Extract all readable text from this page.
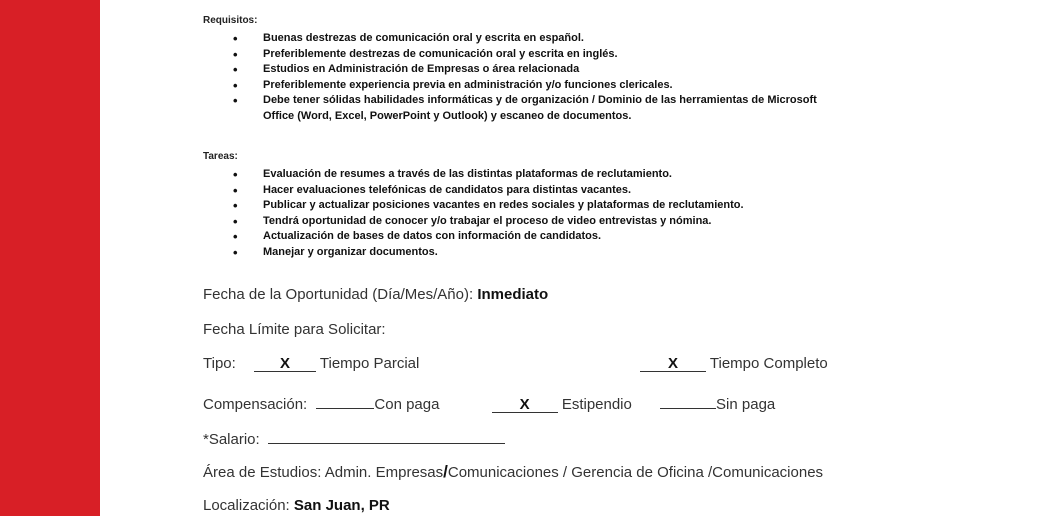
Requisitos:
• Buenas destrezas de comunicación oral y escrita en español.
• Preferiblemente destrezas de comunicación oral y escrita en inglés.
• Estudios en Administración de Empresas o área relacionada
• Preferiblemente experiencia previa en administración y/o funciones clericales.
• Debe tener sólidas habilidades informáticas y de organización / Dominio de las herramientas de Microsoft
Office (Word, Excel, PowerPoint y Outlook) y escaneo de documentos.
Tareas:
• Evaluación de resumes a través de las distintas plataformas de reclutamiento.
• Hacer evaluaciones telefónicas de candidatos para distintas vacantes.
• Publicar y actualizar posiciones vacantes en redes sociales y plataformas de reclutamiento.
• Tendrá oportunidad de conocer y/o trabajar el proceso de video entrevistas y nómina.
• Actualización de bases de datos con información de candidatos.
• Manejar y organizar documentos.
Fecha de la Oportunidad (Día/Mes/Año): Inmediato
Fecha Límite para Solicitar:
Tipo:	X Tiempo Parcial	X Tiempo Completo
Compensación:	Con paga	X Estipendio	Sin paga
*Salario:
Área de Estudios: Admin. Empresas/Comunicaciones / Gerencia de Oficina /Comunicaciones
Localización: San Juan, PR
